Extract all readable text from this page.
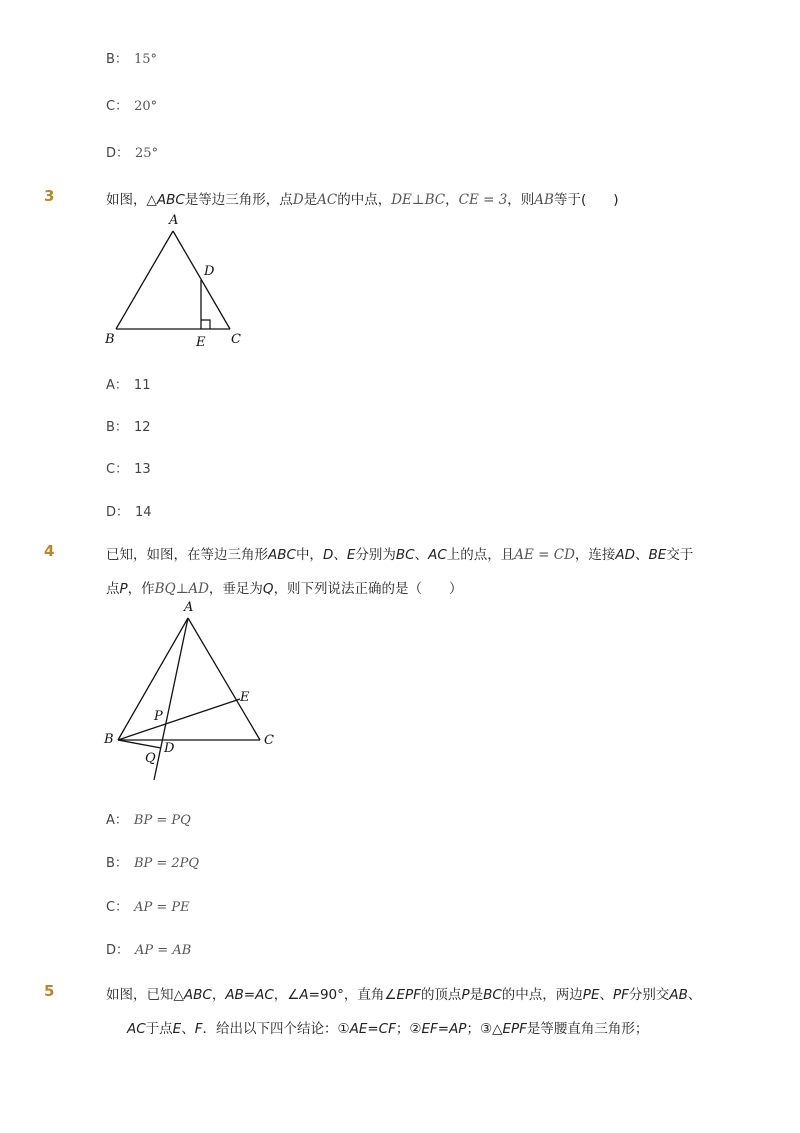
B： 15°
C： 20°
D： 25°
3	如图，△ABC是等边三角形，点D是AC的中点，DE⊥BC，CE = 3，则AB等于(　　)
A
B	C
D
E
A： 11
B： 12
C： 13
D： 14
4	已知，如图，在等边三角形ABC中，D、E分别为BC、AC上的点，且AE = CD，连接AD、BE交于
点P，作BQ⊥AD，垂足为Q，则下列说法正确的是（　　）
A
B	C
D
E
P
Q
A： BP = PQ
B： BP = 2PQ
C： AP = PE
D： AP = AB
5	如图，已知△ABC，AB=AC，∠A=90°，直角∠EPF的顶点P是BC的中点，两边PE、PF分别交AB、
AC于点E、F．给出以下四个结论：①AE=CF；②EF=AP；③△EPF是等腰直角三角形；
